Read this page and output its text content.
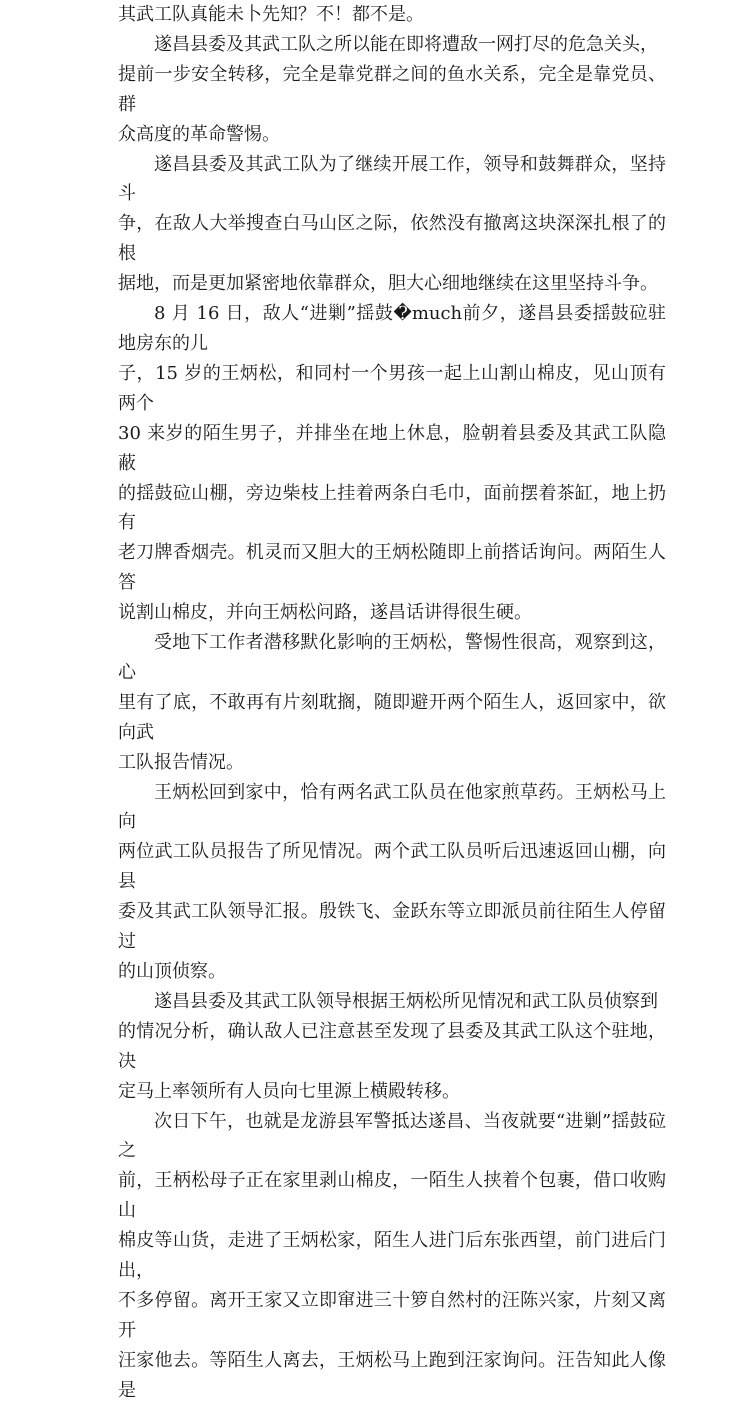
其武工队真能未卜先知？不！都不是。

遂昌县委及其武工队之所以能在即将遭敌一网打尽的危急关头，
提前一步安全转移，完全是靠党群之间的鱼水关系，完全是靠党员、群
众高度的革命警惕。

遂昌县委及其武工队为了继续开展工作，领导和鼓舞群众，坚持斗
争，在敌人大举搜查白马山区之际，依然没有撤离这块深深扎根了的根
据地，而是更加紧密地依靠群众，胆大心细地继续在这里坚持斗争。

8 月 16 日，敌人“进剿”揺鼓�much前夕，遂昌县委揺鼓砬驻地房东的儿
子，15 岁的王炳松，和同村一个男孩一起上山割山棉皮，见山顶有两个
30 来岁的陌生男子，并排坐在地上休息，脸朝着县委及其武工队隐蔽
的揺鼓砬山棚，旁边柴枝上挂着两条白毛巾，面前摆着茶缸，地上扔有
老刀牌香烟壳。机灵而又胆大的王炳松随即上前搭话询问。两陌生人答
说割山棉皮，并向王炳松问路，遂昌话讲得很生硬。

受地下工作者潜移默化影响的王炳松，警惕性很高，观察到这，心
里有了底，不敢再有片刻耽搁，随即避开两个陌生人，返回家中，欲向武
工队报告情况。

王炳松回到家中，恰有两名武工队员在他家煎草药。王炳松马上向
两位武工队员报告了所见情况。两个武工队员听后迅速返回山棚，向县
委及其武工队领导汇报。殷铁飞、金跃东等立即派员前往陌生人停留过
的山顶侦察。

遂昌县委及其武工队领导根据王炳松所见情况和武工队员侦察到
的情况分析，确认敌人已注意甚至发现了县委及其武工队这个驻地，决
定马上率领所有人员向七里源上横殿转移。

次日下午，也就是龙游县军警抵达遂昌、当夜就要“进剿”揺鼓砬之
前，王柄松母子正在家里剥山棉皮，一陌生人挟着个包裹，借口收购山
棉皮等山货，走进了王炳松家，陌生人进门后东张西望，前门进后门出，
不多停留。离开王家又立即窜进三十箩自然村的汪陈兴家，片刻又离开
汪家他去。等陌生人离去，王炳松马上跑到汪家询问。汪告知此人像是
